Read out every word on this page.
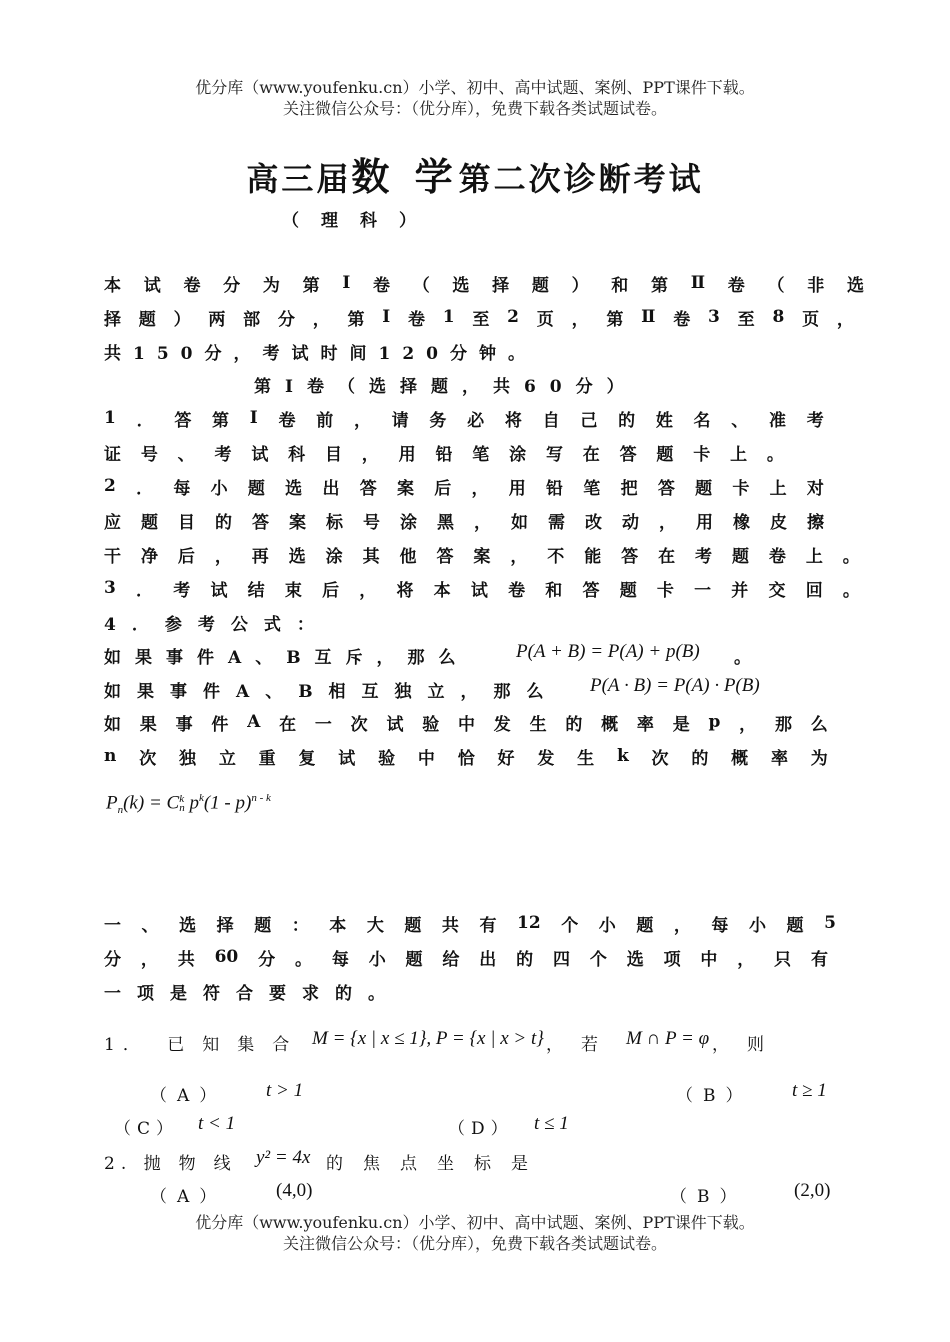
优分库（www.youfenku.cn）小学、初中、高中试题、案例、PPT课件下载。
关注微信公众号：（优分库），免费下载各类试题试卷。
高三届数 学第二次诊断考试
（理科）
本 试 卷 分 为 第 Ⅰ 卷 （ 选 择 题 ） 和 第 Ⅱ 卷 （ 非 选
择 题 ） 两 部 分 ， 第 Ⅰ 卷 1 至 2 页 ， 第 Ⅱ 卷 3 至 8 页 ，
共150分，考试时间120分钟。
第Ⅰ卷（选择题，共60分）
1 ． 答 第 Ⅰ 卷 前 ， 请 务 必 将 自 己 的 姓 名 、 准 考
证 号 、 考 试 科 目 ， 用 铅 笔 涂 写 在 答 题 卡 上 。
2 ． 每 小 题 选 出 答 案 后 ， 用 铅 笔 把 答 题 卡 上 对
应 题 目 的 答 案 标 号 涂 黑 ， 如 需 改 动 ， 用 橡 皮 擦
干 净 后 ， 再 选 涂 其 他 答 案 ， 不 能 答 在 考 题 卷 上 。
3 ． 考 试 结 束 后 ， 将 本 试 卷 和 答 题 卡 一 并 交 回 。
4．参考公式：
如果事件A、B互斥，那么 P(A + B) = P(A) + p(B) 。
如果事件A、B相互独立，那么 P(A · B) = P(A) · P(B)
如 果 事 件 A 在 一 次 试 验 中 发 生 的 概 率 是 p ， 那 么
n 次 独 立 重 复 试 验 中 恰 好 发 生 k 次 的 概 率 为
$P_n(k) = C$ k
n $p^k(1 - p)^{n - k}$
一 、 选 择 题 ： 本 大 题 共 有 12 个 小 题 ， 每 小 题 5
分 ， 共 60 分 。 每 小 题 给 出 的 四 个 选 项 中 ， 只 有
一项是符合要求的。
1． 已知集合 M = {x | x ≤ 1}, P = {x | x > t} ，若 M ∩ P = φ ，则
（A） t > 1	（B） t ≥ 1
（C） t < 1	（D） t ≤ 1
2. 抛物线 y² = 4x 的焦点坐标是
（A）	(4,0)	（B）	(2,0)
优分库（www.youfenku.cn）小学、初中、高中试题、案例、PPT课件下载。
关注微信公众号：（优分库），免费下载各类试题试卷。
